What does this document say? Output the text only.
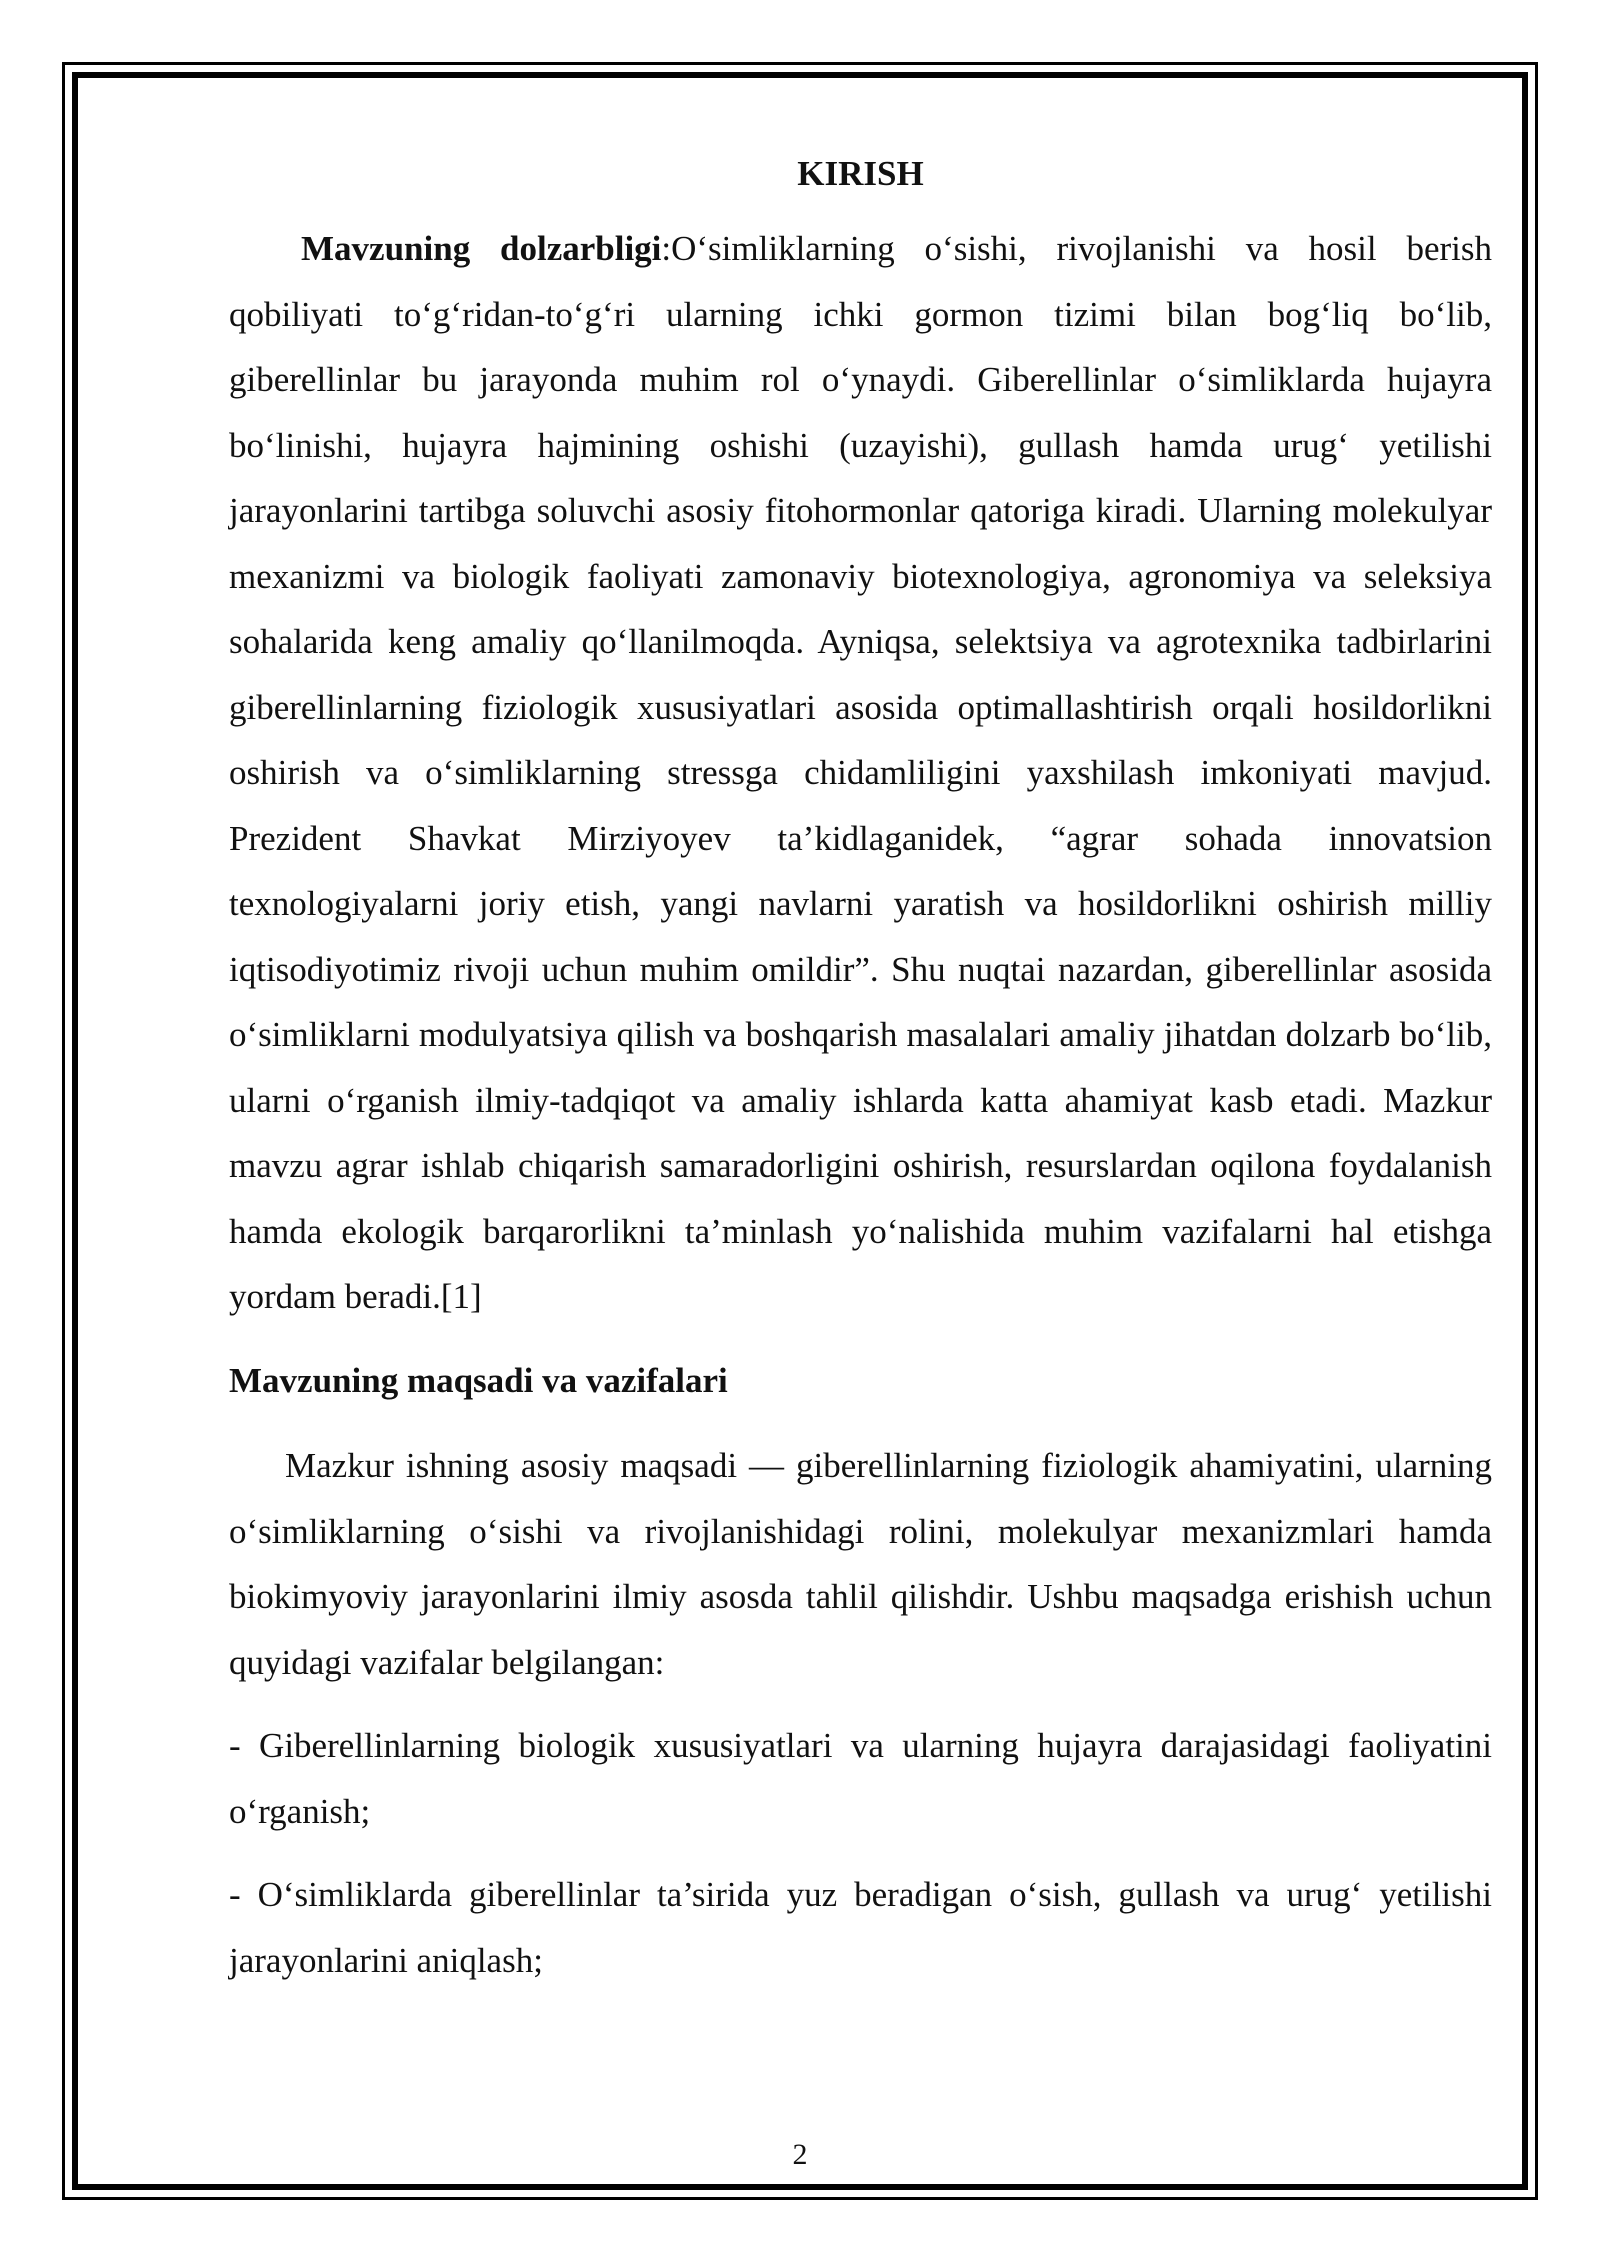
KIRISH

Mavzuning dolzarbligi:O‘simliklarning o‘sishi, rivojlanishi va hosil berish qobiliyati to‘g‘ridan-to‘g‘ri ularning ichki gormon tizimi bilan bog‘liq bo‘lib, giberellinlar bu jarayonda muhim rol o‘ynaydi. Giberellinlar o‘simliklarda hujayra bo‘linishi, hujayra hajmining oshishi (uzayishi), gullash hamda urug‘ yetilishi jarayonlarini tartibga soluvchi asosiy fitohormonlar qatoriga kiradi. Ularning molekulyar mexanizmi va biologik faoliyati zamonaviy biotexnologiya, agronomiya va seleksiya sohalarida keng amaliy qo‘llanilmoqda. Ayniqsa, selektsiya va agrotexnika tadbirlarini giberellinlarning fiziologik xususiyatlari asosida optimallashtirish orqali hosildorlikni oshirish va o‘simliklarning stressga chidamliligini yaxshilash imkoniyati mavjud. Prezident Shavkat Mirziyoyev ta’kidlaganidek, “agrar sohada innovatsion texnologiyalarni joriy etish, yangi navlarni yaratish va hosildorlikni oshirish milliy iqtisodiyotimiz rivoji uchun muhim omildir”. Shu nuqtai nazardan, giberellinlar asosida o‘simliklarni modulyatsiya qilish va boshqarish masalalari amaliy jihatdan dolzarb bo‘lib, ularni o‘rganish ilmiy-tadqiqot va amaliy ishlarda katta ahamiyat kasb etadi. Mazkur mavzu agrar ishlab chiqarish samaradorligini oshirish, resurslardan oqilona foydalanish hamda ekologik barqarorlikni ta’minlash yo‘nalishida muhim vazifalarni hal etishga yordam beradi.[1]

Mavzuning maqsadi va vazifalari

Mazkur ishning asosiy maqsadi — giberellinlarning fiziologik ahamiyatini, ularning o‘simliklarning o‘sishi va rivojlanishidagi rolini, molekulyar mexanizmlari hamda biokimyoviy jarayonlarini ilmiy asosda tahlil qilishdir. Ushbu maqsadga erishish uchun quyidagi vazifalar belgilangan:

- Giberellinlarning biologik xususiyatlari va ularning hujayra darajasidagi faoliyatini o‘rganish;

- O‘simliklarda giberellinlar ta’sirida yuz beradigan o‘sish, gullash va urug‘ yetilishi jarayonlarini aniqlash;

2
